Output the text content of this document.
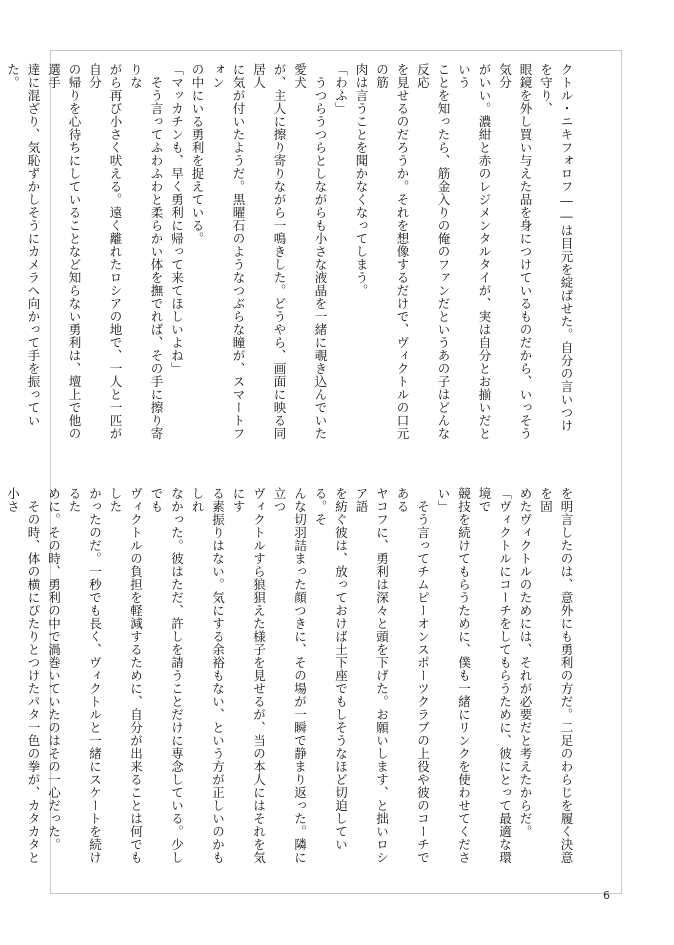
クトル・ニキフォロフ――は目元を綻ばせた。自分の言いつけを守り、
眼鏡を外し買い与えた品を身につけているものだから、いっそう気分
がいい。濃紺と赤のレジメンタルタイが、実は自分とお揃いだという
ことを知ったら、筋金入りの俺のファンだというあの子はどんな反応
を見せるのだろうか。それを想像するだけで、ヴィクトルの口元の筋
肉は言うことを聞かなくなってしまう。
「わふ」
　うつらうつらとしながらも小さな液晶を一緒に覗き込んでいた愛犬
が、主人に擦り寄りながら一鳴きした。どうやら、画面に映る同居人
に気が付いたようだ。黒曜石のようなつぶらな瞳が、スマートフォン
の中にいる勇利を捉えている。
「マッカチンも、早く勇利に帰って来てほしいよね」
　そう言ってふわふわと柔らかい体を撫でれば、その手に擦り寄りな
がら再び小さく吠える。遠く離れたロシアの地で、一人と一匹が自分
の帰りを心待ちにしていることなど知らない勇利は、壇上で他の選手
達に混ざり、気恥ずかしそうにカメラへ向かって手を振っていた。
を明言したのは、意外にも勇利の方だ。二足のわらじを履く決意を固
めたヴィクトルのためには、それが必要だと考えたからだ。
「ヴィクトルにコーチをしてもらうために、彼にとって最適な環境で
競技を続けてもらうために、僕も一緒にリンクを使わせてください」
　そう言ってチムピーオンスポーツクラブの上役や彼のコーチである
ヤコフに、勇利は深々と頭を下げた。お願いします、と拙いロシア語
を紡ぐ彼は、放っておけば土下座でもしそうなほど切迫している。そ
んな切羽詰まった顔つきに、その場が一瞬で静まり返った。隣に立つ
ヴィクトルすら狼狽えた様子を見せるが、当の本人にはそれを気にす
る素振りはない。気にする余裕もない、という方が正しいのかもしれ
なかった。彼はただ、許しを請うことだけに専念している。少しでも
ヴィクトルの負担を軽減するために、自分が出来ることは何でもした
かったのだ。一秒でも長く、ヴィクトルと一緒にスケートを続けるた
めに。その時、勇利の中で渦巻いていたのはその一心だった。
　その時、体の横にぴたりとつけたパタ一色の拳が、カタカタと小さ
6
